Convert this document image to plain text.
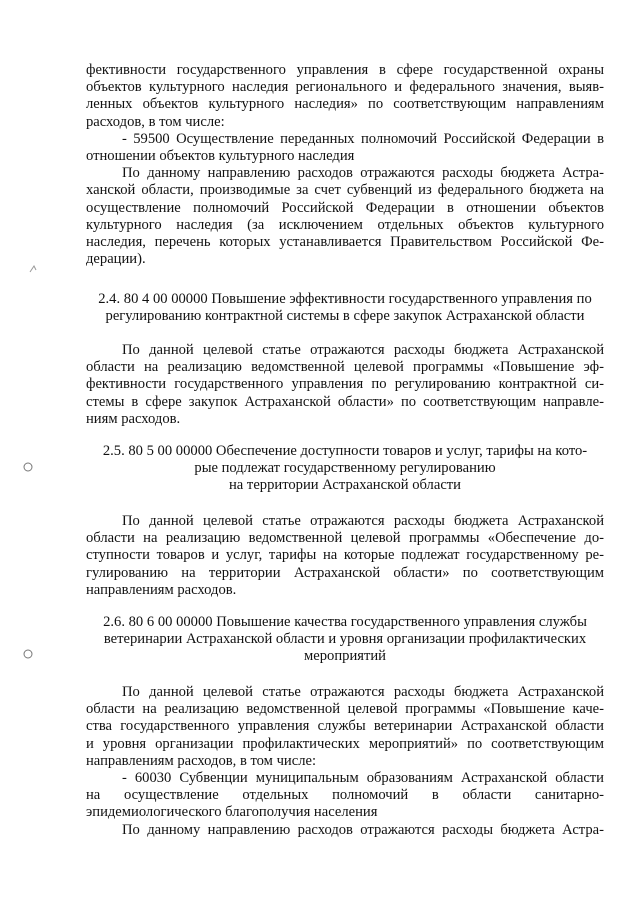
фективности государственного управления в сфере государственной охраны
объектов культурного наследия регионального и федерального значения, выяв-
ленных объектов культурного наследия» по соответствующим направлениям
расходов, в том числе:
- 59500 Осуществление переданных полномочий Российской Федерации в
отношении объектов культурного наследия
По данному направлению расходов отражаются расходы бюджета Астра-
ханской области, производимые за счет субвенций из федерального бюджета на
осуществление полномочий Российской Федерации в отношении объектов
культурного наследия (за исключением отдельных объектов культурного
наследия, перечень которых устанавливается Правительством Российской Фе-
дерации).
2.4. 80 4 00 00000 Повышение эффективности государственного управления по
регулированию контрактной системы в сфере закупок Астраханской области
По данной целевой статье отражаются расходы бюджета Астраханской
области на реализацию ведомственной целевой программы «Повышение эф-
фективности государственного управления по регулированию контрактной си-
стемы в сфере закупок Астраханской области» по соответствующим направле-
ниям расходов.
2.5. 80 5 00 00000 Обеспечение доступности товаров и услуг, тарифы на кото-
рые подлежат государственному регулированию
на территории Астраханской области
По данной целевой статье отражаются расходы бюджета Астраханской
области на реализацию ведомственной целевой программы «Обеспечение до-
ступности товаров и услуг, тарифы на которые подлежат государственному ре-
гулированию на территории Астраханской области» по соответствующим
направлениям расходов.
2.6. 80 6 00 00000 Повышение качества государственного управления службы
ветеринарии Астраханской области и уровня организации профилактических
мероприятий
По данной целевой статье отражаются расходы бюджета Астраханской
области на реализацию ведомственной целевой программы «Повышение каче-
ства государственного управления службы ветеринарии Астраханской области
и уровня организации профилактических мероприятий» по соответствующим
направлениям расходов, в том числе:
- 60030 Субвенции муниципальным образованиям Астраханской области
на осуществление отдельных полномочий в области санитарно-
эпидемиологического благополучия населения
По данному направлению расходов отражаются расходы бюджета Астра-
